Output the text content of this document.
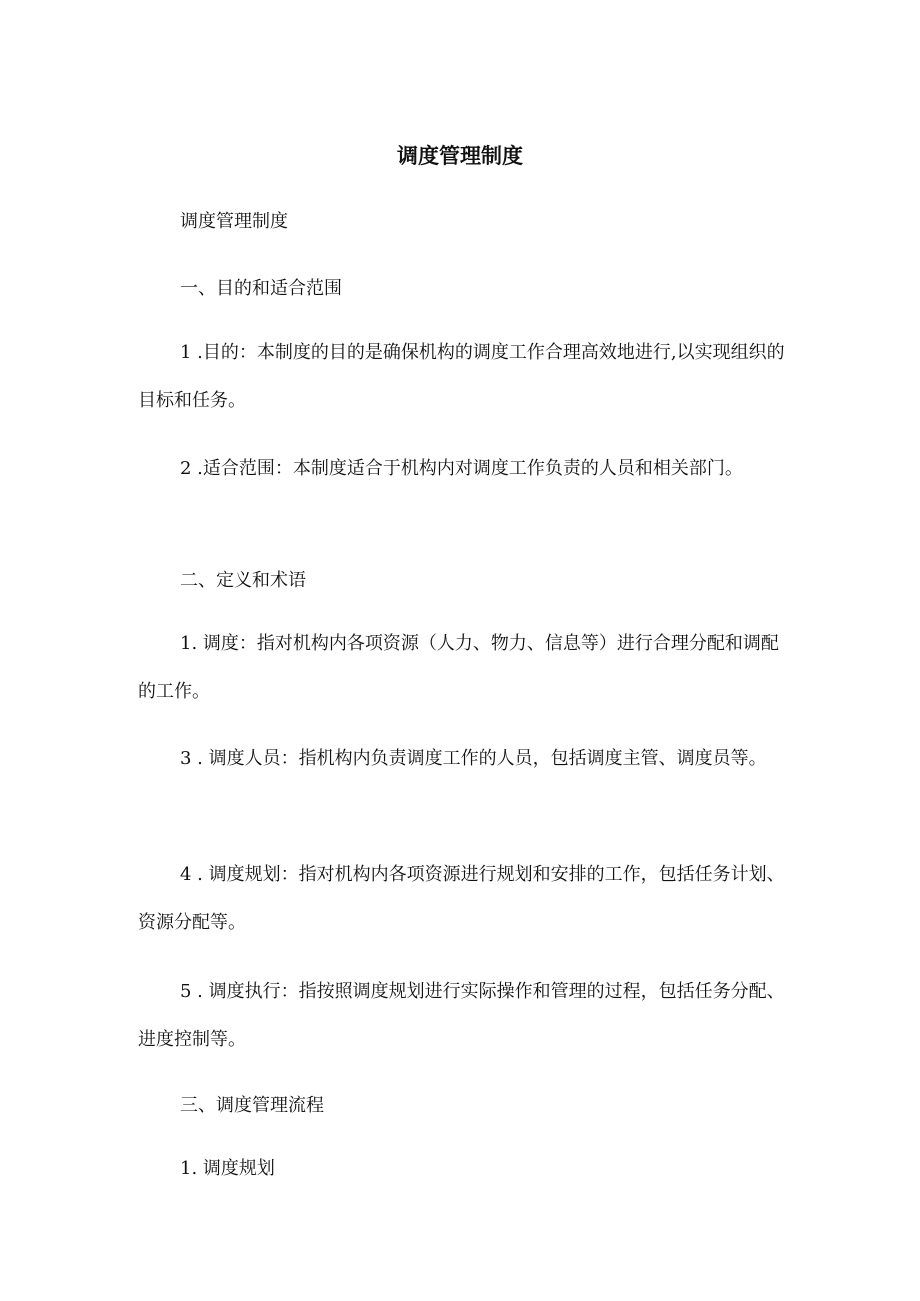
调度管理制度

调度管理制度

一、目的和适合范围

1 .目的：本制度的目的是确保机构的调度工作合理高效地进行,以实现组织的目标和任务。

2 .适合范围：本制度适合于机构内对调度工作负责的人员和相关部门。

二、定义和术语

1. 调度：指对机构内各项资源（人力、物力、信息等）进行合理分配和调配的工作。

3 . 调度人员：指机构内负责调度工作的人员，包括调度主管、调度员等。

4 . 调度规划：指对机构内各项资源进行规划和安排的工作，包括任务计划、资源分配等。

5 . 调度执行：指按照调度规划进行实际操作和管理的过程，包括任务分配、进度控制等。

三、调度管理流程

1. 调度规划
